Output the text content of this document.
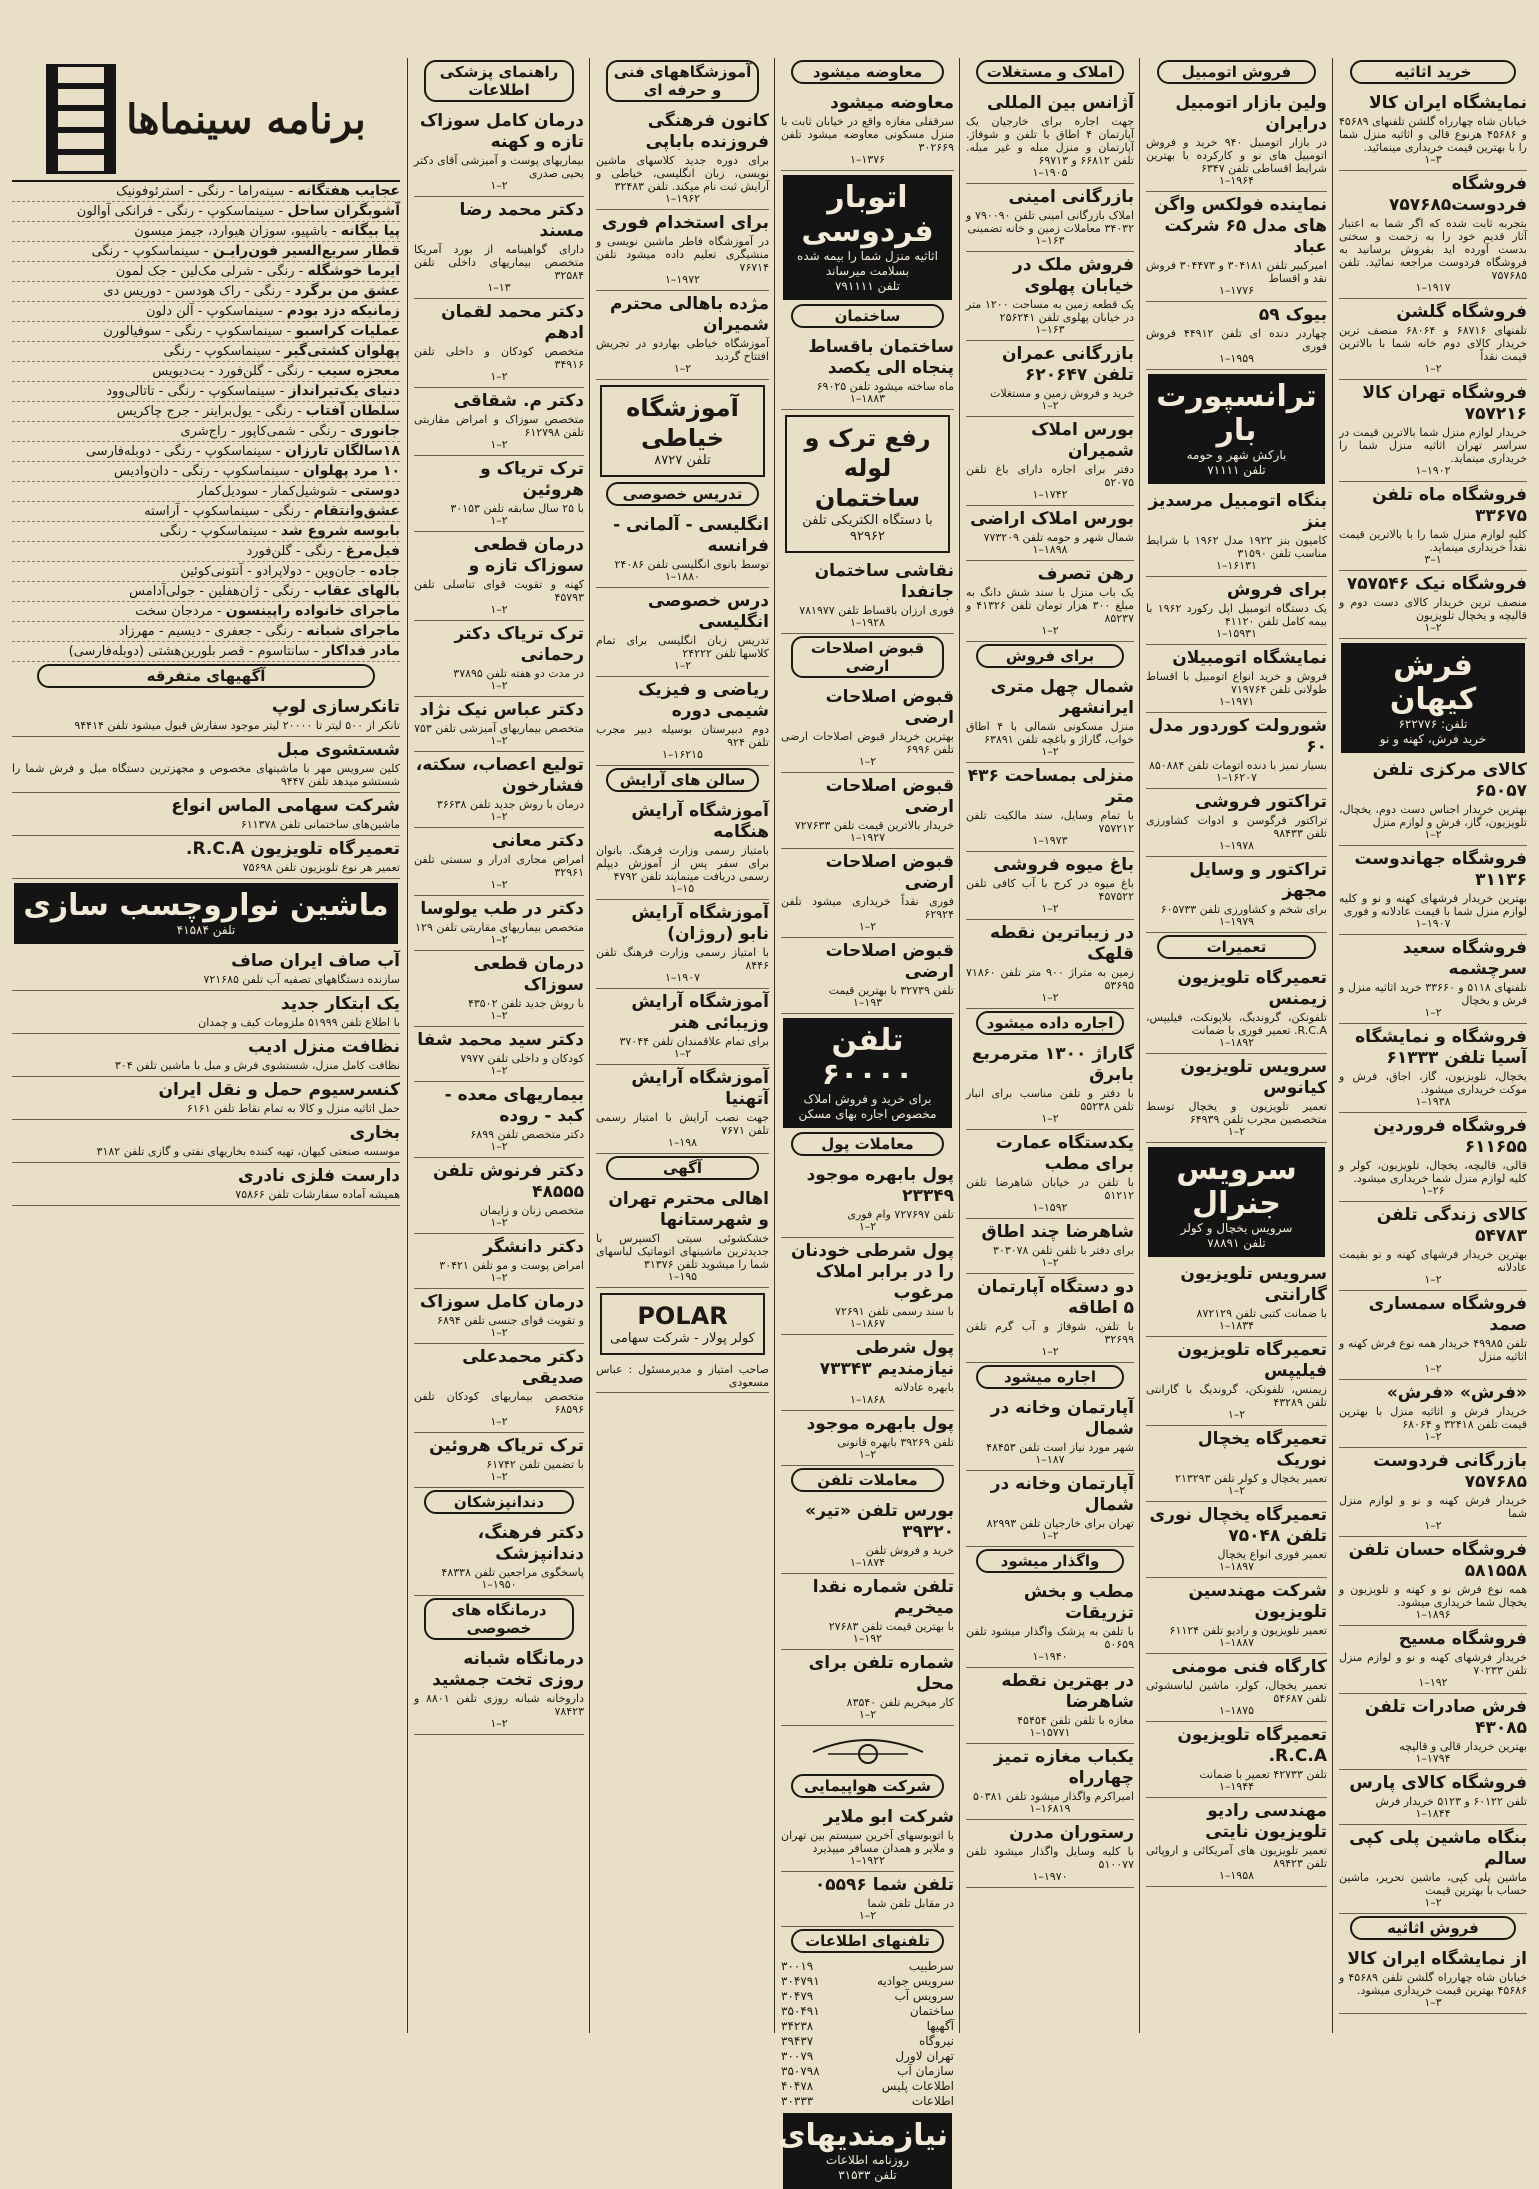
خرید اثاثیه
نمایشگاه ایران کالا

خیابان شاه چهارراه گلشن تلفنهای ۴۵۶۸۹ و ۴۵۶۸۶ هرنوع قالی و اثاثیه منزل شما را با بهترین قیمت خریداری مینمائید.

۱–۳
فروشگاه فردوست۷۵۷۶۸۵

بتجربه ثابت شده که اگر شما به اعتبار آثار قدیم خود را به زحمت و سختی بدست آورده اید بفروش برسانید به فروشگاه فردوست مراجعه نمائید. تلفن ۷۵۷۶۸۵

۱–۱۹۱۷
فروشگاه گلشن

تلفنهای ۶۸۷۱۶ و ۶۸۰۶۴ منصف ترین خریدار کالای دوم خانه شما با بالاترین قیمت نقداً

۱–۲
فروشگاه تهران کالا ۷۵۷۲۱۶

خریدار لوازم منزل شما بالاترین قیمت در سراسر تهران اثاثیه منزل شما را خریداری مینماید.

۱–۱۹۰۲
فروشگاه ماه تلفن ۳۳۶۷۵

کلیه لوازم منزل شما را با بالاترین قیمت نقداً خریداری مینماید.

۳–۱
فروشگاه نیک ۷۵۷۵۴۶

منصف ترین خریدار کالای دست دوم و قالیچه و یخچال تلویزیون

۱–۲
فرش کیهان
تلفن: ۶۲۲۷۷۶
خرید فرش، کهنه و نو
کالای مرکزی تلفن ۶۵۰۵۷

بهترین خریدار اجناس دست دوم، یخچال، تلویزیون، گاز، فرش و لوازم منزل

۱–۲
فروشگاه جهاندوست ۳۱۱۳۶

بهترین خریدار فرشهای کهنه و نو و کلیه لوازم منزل شما با قیمت عادلانه و فوری

۱–۱۹۰۷
فروشگاه سعید سرچشمه

تلفنهای ۵۱۱۸ و ۳۳۶۶۰ خرید اثاثیه منزل و فرش و یخچال

۱–۲
فروشگاه و نمایشگاه آسیا تلفن ۶۱۳۳۳

یخچال، تلویزیون، گاز، اجاق، فرش و موکت خریداری میشود.

۱–۱۹۳۸
فروشگاه فروردین ۶۱۱۶۵۵

قالی، قالیچه، یخچال، تلویزیون، کولر و کلیه لوازم منزل شما خریداری میشود.

۱–۲۶
کالای زندگی تلفن ۵۴۷۸۳

بهترین خریدار فرشهای کهنه و نو بقیمت عادلانه

۱–۲
فروشگاه سمساری صمد

تلفن ۴۹۹۸۵ خریدار همه نوع فرش کهنه و اثاثیه منزل

۱–۲
«فرش» «فرش»

خریدار فرش و اثاثیه منزل با بهترین قیمت تلفن ۳۲۴۱۸ و ۶۸۰۶۴

۱–۲
بازرگانی فردوست ۷۵۷۶۸۵

خریدار فرش کهنه و نو و لوازم منزل شما

۱–۲
فروشگاه حسان تلفن ۵۸۱۵۵۸

همه نوع فرش نو و کهنه و تلویزیون و یخچال شما خریداری میشود.

۱–۱۸۹۶
فروشگاه مسیح

خریدار فرشهای کهنه و نو و لوازم منزل تلفن ۷۰۲۳۳

۱–۱۹۲
فرش صادرات تلفن ۴۳۰۸۵

بهترین خریدار قالی و قالیچه

۱–۱۷۹۴
فروشگاه کالای پارس

تلفن ۶۰۱۲۲ و ۵۱۲۳ خریدار فرش

۱–۱۸۴۴
بنگاه ماشین پلی کپی سالم

ماشین پلی کپی، ماشین تحریر، ماشین حساب با بهترین قیمت

۱–۲
فروش اثاثیه
از نمایشگاه ایران کالا

خیابان شاه چهارراه گلشن تلفن ۴۵۶۸۹ و ۴۵۶۸۶ بهترین قیمت خریداری میشود.

۱–۳
فروش اتومبیل
ولین بازار اتومبیل درایران

در بازار اتومبیل ۹۴۰ خرید و فروش اتومبیل های نو و کارکرده با بهترین شرایط اقساطی تلفن ۶۳۴۷

۱–۱۹۶۴
نماینده فولکس واگن های مدل ۶۵ شرکت عباد

امیرکبیر تلفن ۳۰۴۱۸۱ و ۳۰۴۴۷۳ فروش نقد و اقساط

۱–۱۷۷۶
بیوک ۵۹

چهاردر دنده ای تلفن ۴۴۹۱۲ فروش فوری

۱–۱۹۵۹
ترانسپورت بار
بارکش شهر و حومه
تلفن ۷۱۱۱۱
بنگاه اتومبیل مرسدیز بنز

کامیون بنز ۱۹۲۲ مدل ۱۹۶۲ با شرایط مناسب تلفن ۳۱۵۹۰

۱–۱۶۱۳۱
برای فروش

یک دستگاه اتومبیل اپل رکورد ۱۹۶۲ با بیمه کامل تلفن ۴۱۱۲۰

۱–۱۵۹۳۱
نمایشگاه اتومبیلان

فروش و خرید انواع اتومبیل با اقساط طولانی تلفن ۷۱۹۷۶۴

۱–۱۹۷۱
شورولت کوردور مدل ۶۰

بسیار تمیز با دنده اتومات تلفن ۸۵۰۸۸۴

۱–۱۶۲۰۷
تراکتور فروشی

تراکتور فرگوسن و ادوات کشاورزی تلفن ۹۸۴۳۳

۱–۱۹۷۸
تراکتور و وسایل مجهز

برای شخم و کشاورزی تلفن ۶۰۵۷۳۳

۱–۱۹۷۹
تعمیرات
تعمیرگاه تلویزیون زیمنس

تلفونکن، گروندیگ، بلاپونکت، فیلیپس، R.C.A. تعمیر فوری با ضمانت

۱–۱۸۹۲
سرویس تلویزیون کیانوس

تعمیر تلویزیون و یخچال توسط متخصصین مجرب تلفن ۶۴۹۳۹

۱–۲
سرویس جنرال
سرویس یخچال و کولر
تلفن ۷۸۸۹۱
سرویس تلویزیون گارانتی

با ضمانت کتبی تلفن ۸۷۲۱۲۹

۱–۱۸۳۴
تعمیرگاه تلویزیون فیلیپس

زیمنس، تلفونکن، گروندیگ با گارانتی تلفن ۴۳۲۸۹

۱–۲
تعمیرگاه یخچال نوریک

تعمیر یخچال و کولر تلفن ۲۱۳۲۹۳

۱–۲
تعمیرگاه یخچال نوری تلفن ۷۵۰۴۸

تعمیر فوری انواع یخچال

۱–۱۸۹۷
شرکت مهندسین تلویزیون

تعمیر تلویزیون و رادیو تلفن ۶۱۱۲۴

۱–۱۸۸۷
کارگاه فنی مومنی

تعمیر یخچال، کولر، ماشین لباسشوئی تلفن ۵۴۶۸۷

۱–۱۸۷۵
تعمیرگاه تلویزیون R.C.A.

تلفن ۴۲۷۳۳ تعمیر با ضمانت

۱–۱۹۴۴
مهندسی رادیو تلویزیون نایتی

تعمیر تلویزیون های آمریکائی و اروپائی تلفن ۸۹۴۲۳

۱–۱۹۵۸
املاک و مستغلات
آژانس بین المللی

جهت اجاره برای خارجیان یک آپارتمان ۴ اطاق با تلفن و شوفاژ. آپارتمان و منزل مبله و غیر مبله. تلفن ۶۶۸۱۲ و ۶۹۷۱۳

۱–۱۹۰۵
بازرگانی امینی

املاک بازرگانی امینی تلفن ۷۹۰۰۹۰ و ۳۴۰۳۲ معاملات زمین و خانه تضمینی

۱–۱۶۳
فروش ملک در خیابان پهلوی

یک قطعه زمین به مساحت ۱۲۰۰ متر در خیابان پهلوی تلفن ۲۵۶۲۴۱

۱–۱۶۳
بازرگانی عمران تلفن ۶۲۰۶۴۷

خرید و فروش زمین و مستغلات

۱–۲
بورس املاک شمیران

دفتر برای اجاره دارای باغ تلفن ۵۲۰۷۵

۱–۱۷۴۲
بورس املاک اراضی

شمال شهر و حومه تلفن ۷۷۳۲۰۹

۱–۱۸۹۸
رهن تصرف

یک باب منزل با سند شش دانگ به مبلغ ۳۰۰ هزار تومان تلفن ۴۱۳۲۶ و ۸۵۲۳۷

۱–۲
برای فروش
شمال چهل متری ایرانشهر

منزل مسکونی شمالی با ۴ اطاق خواب، گاراژ و باغچه تلفن ۶۳۸۹۱

۱–۲
منزلی بمساحت ۴۳۶ متر

با تمام وسایل، سند مالکیت تلفن ۷۵۷۲۱۲

۱–۱۹۷۳
باغ میوه فروشی

باغ میوه در کرج با آب کافی تلفن ۴۵۷۵۲۲

۱–۲
در زیباترین نقطه قلهک

زمین به متراژ ۹۰۰ متر تلفن ۷۱۸۶۰ ۵۳۶۹۵

۱–۲
اجاره داده میشود
گاراژ ۱۳۰۰ مترمربع بابرق

با دفتر و تلفن مناسب برای انبار تلفن ۵۵۲۳۸

۱–۲
یکدستگاه عمارت برای مطب

با تلفن در خیابان شاهرضا تلفن ۵۱۲۱۲

۱–۱۵۹۲
شاهرضا چند اطاق

برای دفتر با تلفن تلفن ۳۰۳۰۷۸

۱–۲
دو دستگاه آپارتمان ۵ اطاقه

با تلفن، شوفاژ و آب گرم تلفن ۳۲۶۹۹

۱–۲
اجاره میشود
آپارتمان وخانه در شمال

شهر مورد نیاز است تلفن ۴۸۴۵۳

۱–۱۸۷
آپارتمان وخانه در شمال

تهران برای خارجیان تلفن ۸۲۹۹۳

۱–۲
واگذار میشود
مطب و بخش تزریقات

با تلفن به پزشک واگذار میشود تلفن ۵۰۶۵۹

۱–۱۹۴۰
در بهترین نقطه شاهرضا

مغازه با تلفن تلفن ۴۵۴۵۴

۱–۱۵۷۷۱
یکباب مغازه تمیز چهارراه

امیراکرم واگذار میشود تلفن ۵۰۳۸۱

۱–۱۶۸۱۹
رستوران مدرن

با کلیه وسایل واگذار میشود تلفن ۵۱۰۰۷۷

۱–۱۹۷۰
معاوضه میشود
معاوضه میشود

سرقفلی مغازه واقع در خیابان ثابت با منزل مسکونی معاوضه میشود تلفن ۳۰۲۶۶۹

۱–۱۳۷۶
اتوبار فردوسی
اثاثیه منزل شما را بیمه شده بسلامت میرساند
تلفن ۷۹۱۱۱۱
ساختمان
ساختمان باقساط پنجاه الی یکصد

ماه ساخته میشود تلفن ۶۹۰۲۵

۱–۱۸۸۳
رفع ترک و لوله ساختمان
با دستگاه الکتریکی تلفن ۹۲۹۶۲
نقاشی ساختمان جانفدا

فوری ارزان باقساط تلفن ۷۸۱۹۷۷

۱–۱۹۲۸
قبوض اصلاحات ارضی
قبوض اصلاحات ارضی

بهترین خریدار قبوض اصلاحات ارضی تلفن ۶۹۹۶

۱–۲
قبوض اصلاحات ارضی

خریدار بالاترین قیمت تلفن ۷۲۷۶۳۳

۱–۱۹۲۷
قبوض اصلاحات ارضی

فوری نقداً خریداری میشود تلفن ۶۲۹۲۴

۱–۲
قبوض اصلاحات ارضی

تلفن ۳۲۷۳۹ با بهترین قیمت

۱–۱۹۳
تلفن ۶۰۰۰۰
برای خرید و فروش املاک
مخصوص اجاره بهای مسکن
معاملات پول
پول بابهره موجود ۲۳۳۴۹

تلفن ۷۲۷۶۹۷ وام فوری

۱–۲
پول شرطی خودنان را در برابر املاک مرغوب

با سند رسمی تلفن ۷۲۶۹۱

۱–۱۸۶۷
پول شرطی نیازمندیم ۷۳۳۴۳

بابهره عادلانه

۱–۱۸۶۸
پول بابهره موجود

تلفن ۳۹۲۶۹ بابهره قانونی

۱–۲
معاملات تلفن
بورس تلفن «تیر» ۳۹۳۲۰

خرید و فروش تلفن

۱–۱۸۷۴
تلفن شماره نقدا میخریم

با بهترین قیمت تلفن ۲۷۶۸۳

۱–۱۹۲
شماره تلفن برای محل

کار میخریم تلفن ۸۳۵۴۰

۱–۲
شرکت هواپیمایی
شرکت ابو ملایر

با اتوبوسهای آخرین سیستم بین تهران و ملایر و همدان مسافر میپذیرد

۱–۱۹۲۲
تلفن شما ۰۵۵۹۶

در مقابل تلفن شما

۱–۲
تلفنهای اطلاعات
سرطبیب
۳۰۰۱۹
سرویس جوادیه
۳۰۴۷۹۱
سرویس آب
۳۰۴۷۹
ساختمان
۳۵۰۴۹۱
آگهیها
۳۴۲۳۸
نیروگاه
۳۹۴۳۷
تهران لاورل
۳۰۰۷۹
سازمان آب
۳۵۰۷۹۸
اطلاعات پلیس
۴۰۴۷۸
اطلاعات
۳۰۳۳۳
نیازمندیهای
روزنامه اطلاعات
تلفن ۳۱۵۳۳
آموزشگاههای فنی و حرفه ای
کانون فرهنگی فروزنده باباپی

برای دوره جدید کلاسهای ماشین نویسی، زبان انگلیسی، خیاطی و آرایش ثبت نام میکند. تلفن ۳۲۴۸۳

۱–۱۹۶۲
برای استخدام فوری

در آموزشگاه فاطر ماشین نویسی و منشیگری تعلیم داده میشود تلفن ۷۶۷۱۴

۱–۱۹۷۲
مژده باهالی محترم شمیران

آموزشگاه خیاطی بهاردو در تجریش افتتاح گردید

۱–۲
آموزشگاه خیاطی
تلفن ۸۷۲۷
تدریس خصوصی
انگلیسی - آلمانی - فرانسه

توسط بانوی انگلیسی تلفن ۲۴۰۸۶

۱–۱۸۸۰
درس خصوصی انگلیسی

تدریس زبان انگلیسی برای تمام کلاسها تلفن ۲۴۲۲۲

۱–۲
ریاضی و فیزیک شیمی دوره

دوم دبیرستان بوسیله دبیر مجرب تلفن ۹۲۴

۱–۱۶۲۱۵
سالن های آرایش
آموزشگاه آرایش هنگامه

بامتیاز رسمی وزارت فرهنگ. بانوان برای سفر پس از آموزش دیپلم رسمی دریافت مینمایند تلفن ۴۷۹۲

۱–۱۵
آموزشگاه آرایش نابو (روژان)

با امتیاز رسمی وزارت فرهنگ تلفن ۸۴۴۶

۱–۱۹۰۷
آموزشگاه آرایش وزیبائی هنر

برای تمام علاقمندان تلفن ۳۷۰۴۴

۱–۲
آموزشگاه آرایش آتهنیا

جهت نصب آرایش با امتیاز رسمی تلفن ۷۶۷۱

۱–۱۹۸
آگهی
اهالی محترم تهران و شهرستانها

خشکشوئی سیتی اکسپرس با جدیدترین ماشینهای اتوماتیک لباسهای شما را میشوید تلفن ۳۱۳۷۶

۱–۱۹۵
POLAR
کولر پولار - شرکت سهامی

صاحب امتیاز و مدیرمسئول : عباس مسعودی

راهنمای پزشکی اطلاعات
درمان کامل سوزاک تازه و کهنه

بیماریهای پوست و آمیزشی آقای دکتر یحیی صدری

۱–۲
دکتر محمد رضا مسند

دارای گواهینامه از بورد آمریکا متخصص بیماریهای داخلی تلفن ۳۲۵۸۴

۱–۱۳
دکتر محمد لقمان ادهم

متخصص کودکان و داخلی تلفن ۳۴۹۱۶

۱–۲
دکتر م. شقاقی

متخصص سوزاک و امراض مقاربتی تلفن ۶۱۲۷۹۸

۱–۲
ترک تریاک و هروئین

با ۲۵ سال سابقه تلفن ۳۰۱۵۳

۱–۲
درمان قطعی سوزاک تازه و

کهنه و تقویت قوای تناسلی تلفن ۴۵۷۹۳

۱–۲
ترک تریاک دکتر رحمانی

در مدت دو هفته تلفن ۳۷۸۹۵

۱–۲
دکتر عباس نیک نژاد

متخصص بیماریهای آمیزشی تلفن ۷۵۳

۱–۲
تولیع اعصاب، سکته، فشارخون

درمان با روش جدید تلفن ۳۶۶۳۸

۱–۲
دکتر معانی

امراض مجاری ادرار و سستی تلفن ۳۲۹۶۱

۱–۲
دکتر در طب یولوسا

متخصص بیماریهای مقاربتی تلفن ۱۲۹

۱–۲
درمان قطعی سوزاک

با روش جدید تلفن ۴۳۵۰۲

۱–۲
دکتر سید محمد شفا

کودکان و داخلی تلفن ۷۹۷۷

۱–۲
بیماریهای معده - کبد - روده

دکتر متخصص تلفن ۶۸۹۹

۱–۲
دکتر فرنوش تلفن ۴۸۵۵۵

متخصص زنان و زایمان

۱–۲
دکتر دانشگر

امراض پوست و مو تلفن ۳۰۴۲۱

۱–۲
درمان کامل سوزاک

و تقویت قوای جنسی تلفن ۶۸۹۴

۱–۲
دکتر محمدعلی صدیقی

متخصص بیماریهای کودکان تلفن ۶۸۵۹۶

۱–۲
ترک تریاک هروئین

با تضمین تلفن ۶۱۷۴۲

۱–۲
دندانپزشکان
دکتر فرهنگ، دندانپزشک

پاسخگوی مراجعین تلفن ۴۸۳۳۸

۱–۱۹۵۰
درمانگاه های خصوصی
درمانگاه شبانه روزی تخت جمشید

داروخانه شبانه روزی تلفن ۸۸۰۱ و ۷۸۴۲۳

۱–۲
برنامه سینماها
عجایب هفتگانه - سینه‌راما - رنگی - استرئوفونیک
آشوبگران ساحل - سینماسکوپ - رنگی - فرانکی آوالون
پیا بیگانه - باشپیو، سوزان هیوارد، جیمز میسون
قطار سریع‌السیر فون‌رایـن - سینماسکوپ - رنگی
ایرما خوشگله - رنگی - شرلی مک‌لین - جک لمون
عشق من برگرد - رنگی - راک هودسن - دوریس دی
زمانیکه دزد بودم - سینماسکوپ - آلن دلون
عملیات کراسبو - سینماسکوپ - رنگی - سوفیالورن
پهلوان کشتی‌گیر - سینماسکوپ - رنگی
معجزه سیب - رنگی - گلن‌فورد - بت‌دیویس
دنیای یک‌تیرانداز - سینماسکوپ - رنگی - تاتالی‌وود
سلطان آفتاب - رنگی - یول‌براینر - جرج چاکریس
جانوری - رنگی - شمی‌کاپور - راج‌شری
۱۸سالگان تارزان - سینماسکوپ - رنگی - دوبله‌فارسی
۱۰ مرد پهلوان - سینماسکوپ - رنگی - دان‌وادیس
دوستی - شوشیل‌کمار - سودیل‌کمار
عشق‌وانتقام - رنگی - سینماسکوپ - آراسته
بابوسه شروع شد - سینماسکوپ - رنگی
فیل‌مرغ - رنگی - گلن‌فورد
جاده - جان‌وین - دولاپرادو - آنتونی‌کوئین
بالهای عقاب - رنگی - ژان‌هفلین - جولی‌آدامس
ماجرای خانواده راپینسون - مردجان سخت
ماجرای شبانه - رنگی - جعفری - دیسیم - مهرزاد
مادر فداکار - سانتاسوم - قصر بلورین‌هشتی (دوبله‌فارسی)
آگهیهای متفرقه
تانکرسازی لوپ

تانکر از ۵۰۰ لیتر تا ۲۰۰۰۰ لیتر موجود سفارش قبول میشود تلفن ۹۴۴۱۴

شستشوی مبل

کلین سرویس مهر با ماشینهای مخصوص و مجهزترین دستگاه مبل و فرش شما را شستشو میدهد تلفن ۹۴۴۷

شرکت سهامی الماس انواع

ماشین‌های ساختمانی تلفن ۶۱۱۳۷۸

تعمیرگاه تلویزیون R.C.A.

تعمیر هر نوع تلویزیون تلفن ۷۵۶۹۸

ماشین نواروچسب سازی
تلفن ۴۱۵۸۴
آب صاف ایران صاف

سازنده دستگاههای تصفیه آب تلفن ۷۲۱۶۸۵

یک ابتکار جدید

با اطلاع تلفن ۵۱۹۹۹ ملزومات کیف و چمدان

نظافت منزل ادیب

نظافت کامل منزل، شستشوی فرش و مبل با ماشین تلفن ۳۰۴

کنسرسیوم حمل و نقل ایران

حمل اثاثیه منزل و کالا به تمام نقاط تلفن ۶۱۶۱

بخاری

موسسه صنعتی کیهان، تهیه کننده بخاریهای نفتی و گازی تلفن ۳۱۸۲

دارست فلزی نادری

همیشه آماده سفارشات تلفن ۷۵۸۶۶
